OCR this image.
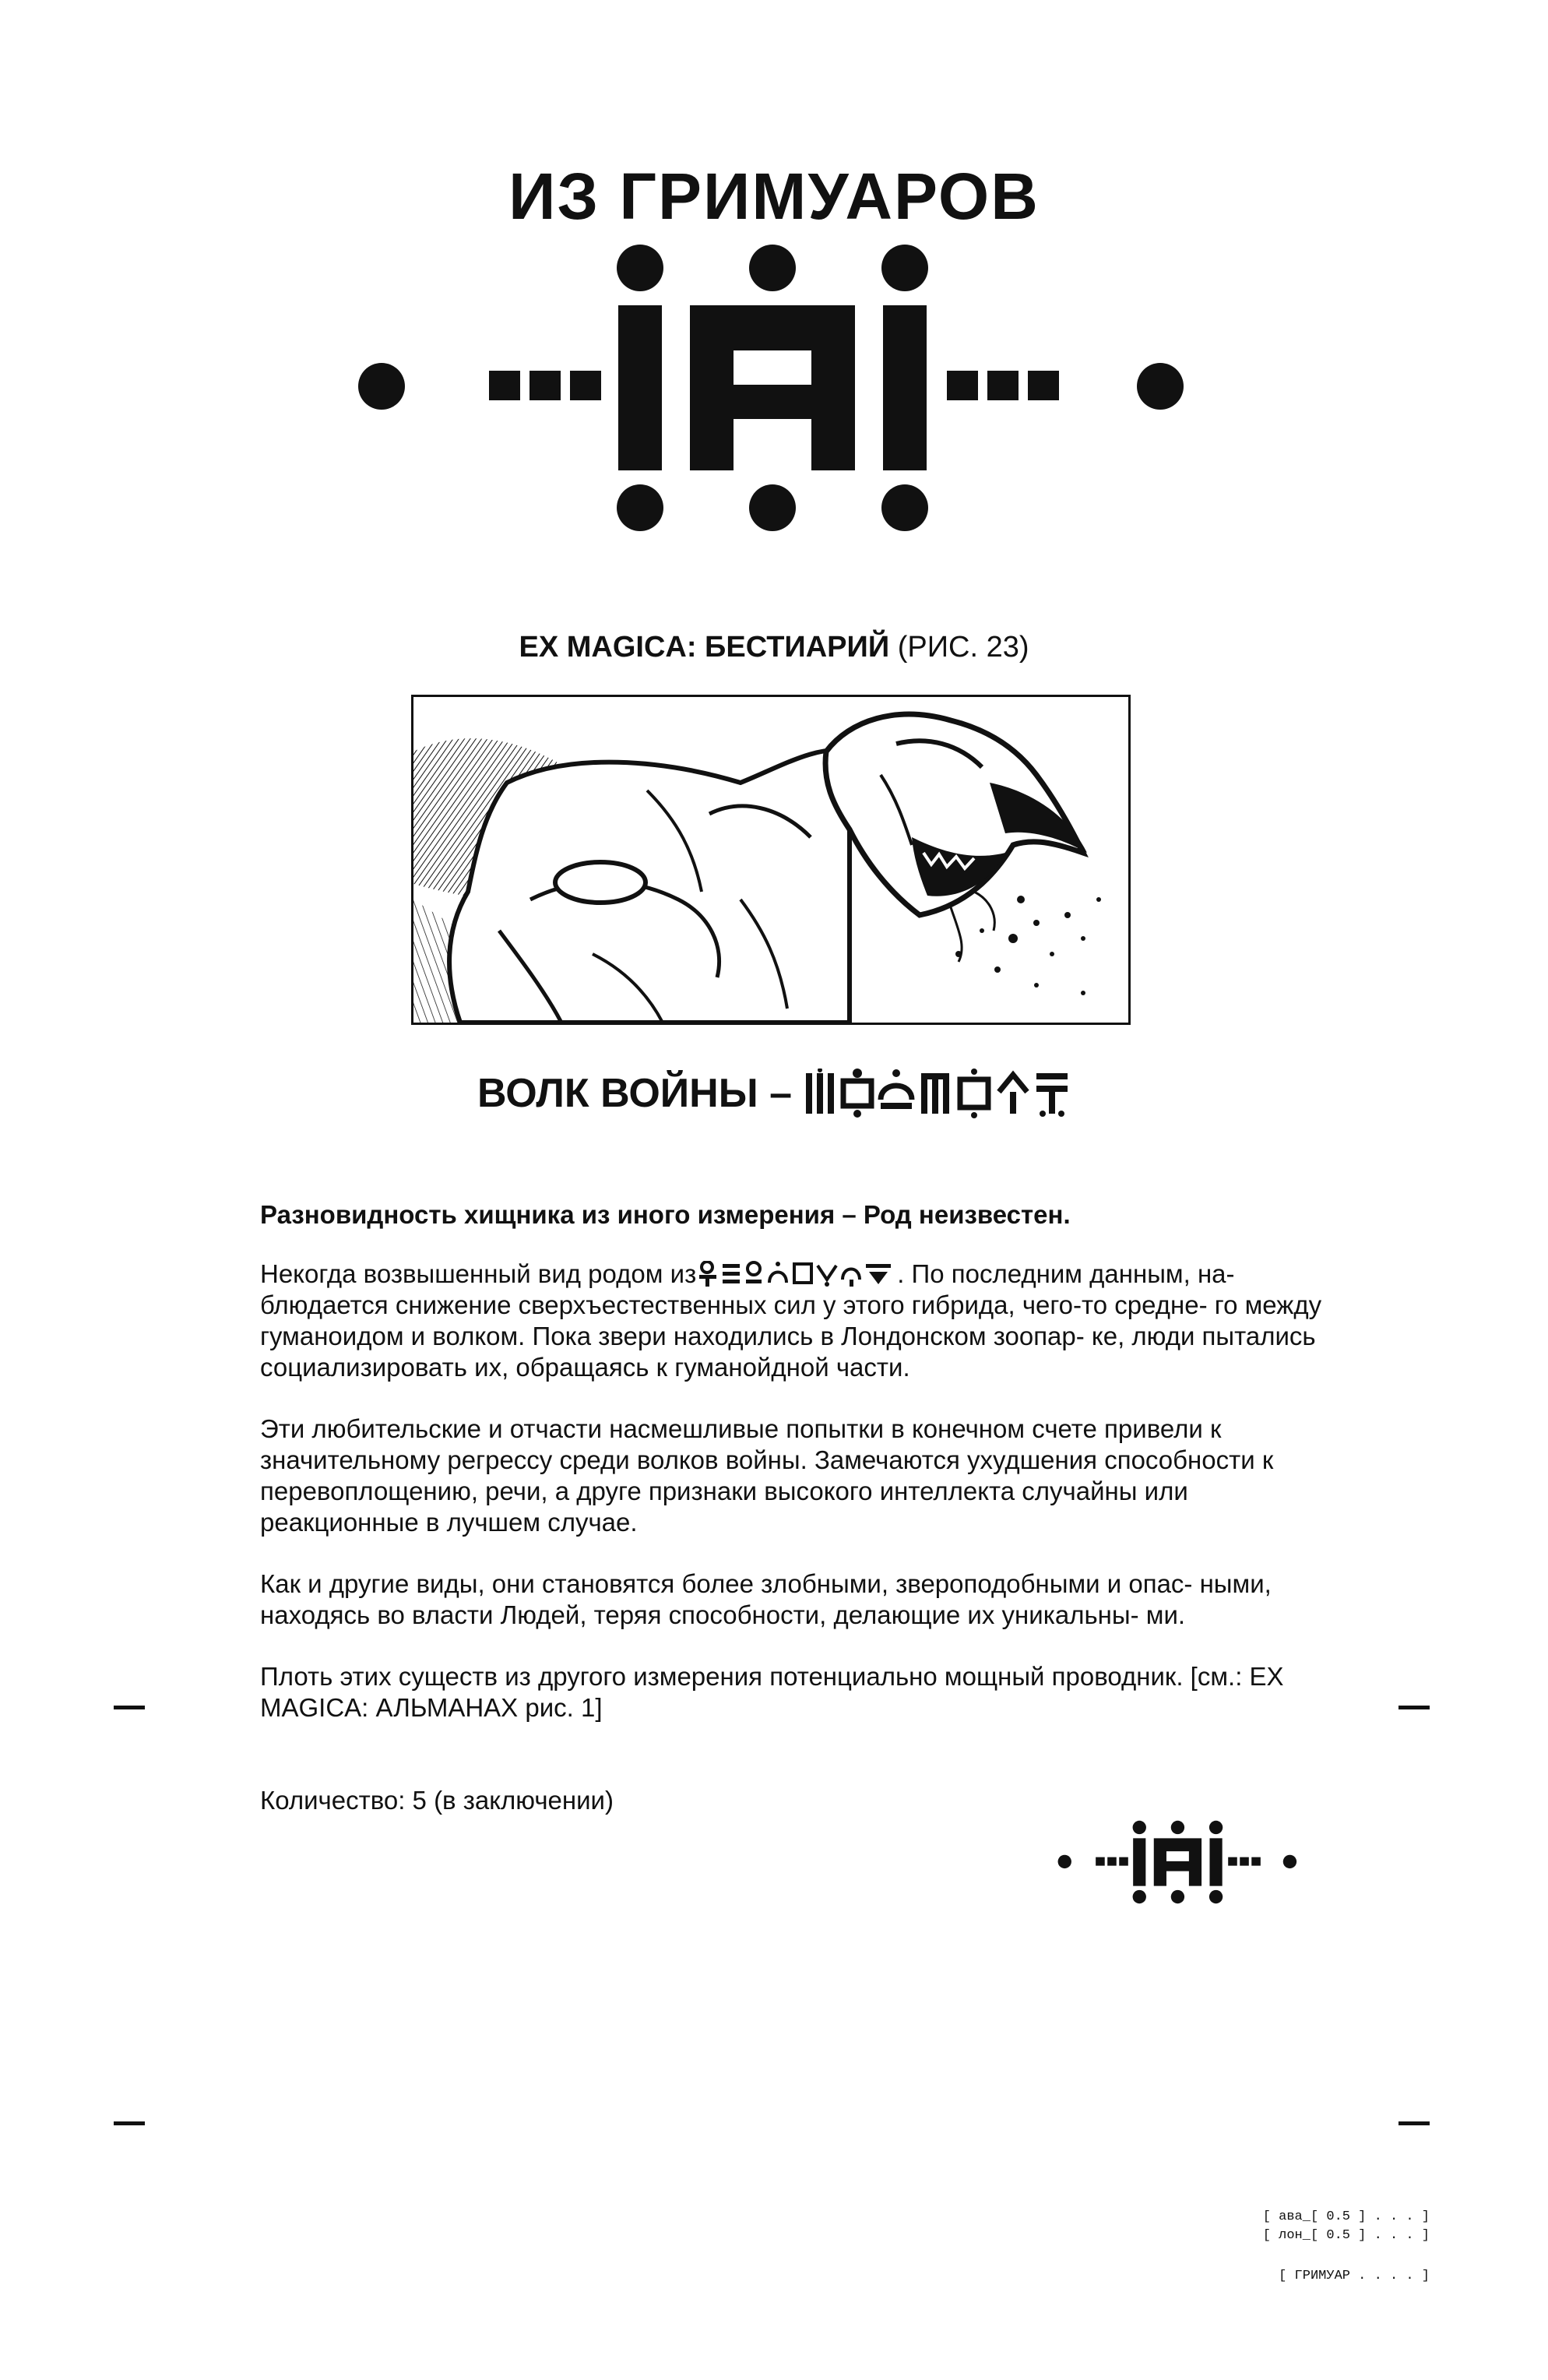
ИЗ ГРИМУАРОВ
EX MAGICA: БЕСТИАРИЙ (РИС. 23)
ВОЛК ВОЙНЫ –

Разновидность хищника из иного измерения – Род неизвестен.

Некогда возвышенный вид родом из	. По последним данным, на- блюдается снижение сверхъестественных сил у этого гибрида, чего-то средне- го между гуманоидом и волком. Пока звери находились в Лондонском зоопар- ке, люди пытались социализировать их, обращаясь к гуманойдной части.

Эти любительские и отчасти насмешливые попытки в конечном счете привели к значительному регрессу среди волков войны. Замечаются ухудшения способности к перевоплощению, речи, а друге признаки высокого интеллекта случайны или реакционные в лучшем случае.

Как и другие виды, они становятся более злобными, звероподобными и опас- ными, находясь во власти Людей, теряя способности, делающие их уникальны- ми.

Плоть этих существ из другого измерения потенциально мощный проводник. [см.: EX MAGICA: АЛЬМАНАХ рис. 1]

Количество: 5 (в заключении)
[ ава_[ 0.5 ] . . . ]
[ лон_[ 0.5 ] . . . ]
[ ГРИМУАР . . . . ]
